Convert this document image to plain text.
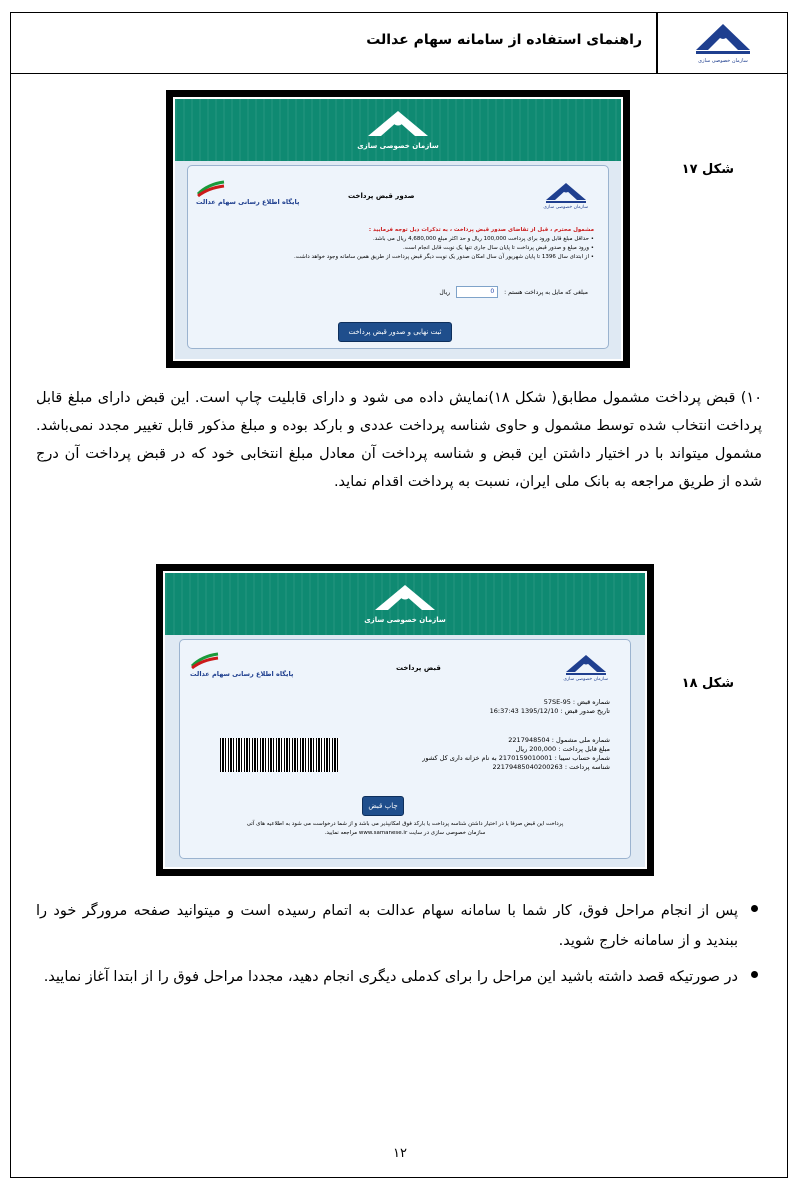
سازمان خصوصی سازی
راهنمای استفاده از سامانه سهام عدالت
سازمان خصوصی سازی
سازمان خصوصی سازی
صدور قبض پرداخت
پایگاه اطلاع رسانی سهام عدالت
مشمول محترم ، قبل از تقاضای صدور قبض پرداخت ، به تذکرات ذیل توجه فرمایید :
• حداقل مبلغ قابل ورود برای پرداخت 100,000 ریال و حد اکثر مبلغ 4,680,000 ریال می باشد.
• ورود مبلغ و صدور قبض پرداخت تا پایان سال جاری تنها یک نوبت قابل انجام است.
• از ابتدای سال 1396 تا پایان شهریور آن سال امکان صدور یک نوبت دیگر قبض پرداخت از طریق همین سامانه وجود خواهد داشت.
مبلغی که مایل به پرداخت هستم :
0
ریال
ثبت نهایی و صدور قبض پرداخت
شکل ۱۷
۱۰) قبض پرداخت مشمول مطابق( شکل ۱۸)نمایش داده می شود و دارای قابلیت چاپ است. این قبض دارای مبلغ قابل پرداخت انتخاب شده توسط مشمول و حاوی شناسه پرداخت عددی و بارکد بوده و مبلغ مذکور قابل تغییر مجدد نمی‌باشد. مشمول میتواند با در اختیار داشتن این قبض و شناسه پرداخت آن معادل مبلغ انتخابی خود که در قبض پرداخت آن درج شده از طریق مراجعه به بانک ملی ایران، نسبت به پرداخت اقدام نماید.
سازمان خصوصی سازی
سازمان خصوصی سازی
قبض پرداخت
پایگاه اطلاع رسانی سهام عدالت
شماره قبض : 57SE-95
تاریخ صدور قبض : 1395/12/10 16:37:43
شماره ملی مشمول : 2217948504
مبلغ قابل پرداخت : 200,000 ریال
شماره حساب سیبا : 2170159010001 به نام خزانه داری کل کشور
شناسه پرداخت : 22179485040200263
چاپ قبض
پرداخت این قبض صرفا با در اختیار داشتن شناسه پرداخت یا بارکد فوق امکانپذیر می باشد و از شما درخواست می شود به اطلاعیه های آتی
سازمان خصوصی سازی در سایت www.samanese.ir مراجعه نمایید.
شکل ۱۸
پس از انجام مراحل فوق، کار شما با سامانه سهام عدالت به اتمام رسیده است و میتوانید صفحه مرورگر خود را ببندید و از سامانه خارج شوید.
در صورتیکه قصد داشته باشید این مراحل را برای کدملی دیگری انجام دهید، مجددا مراحل فوق را از ابتدا آغاز نمایید.
۱۲
